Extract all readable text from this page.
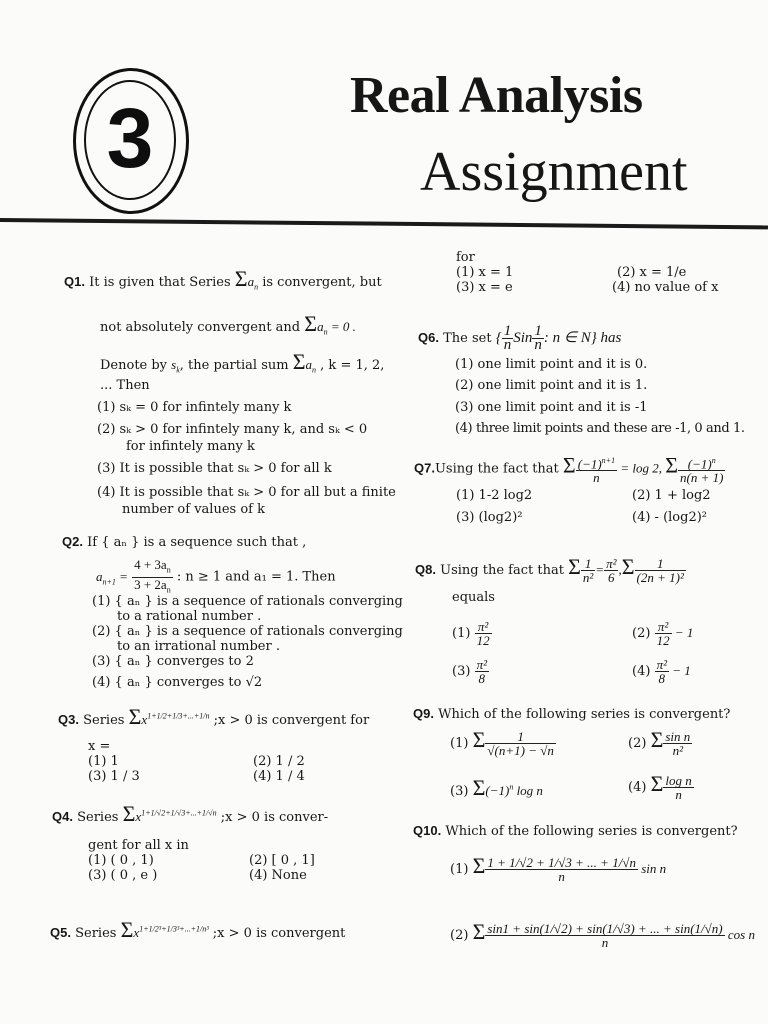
3	Real Analysis
Assignment
Q1. It is given that Series $\Sigma a_n$ is convergent, but
not absolutely convergent and $\Sigma a_n = 0$ .
Denote by $s_k$, the partial sum $\Sigma a_n$ , k = 1, 2,
... Then
(1) sₖ = 0 for infintely many k
(2) sₖ > 0 for infintely many k, and sₖ < 0
for infintely many k
(3) It is possible that sₖ > 0 for all k
(4) It is possible that sₖ > 0 for all but a finite
number of values of k
Q2. If { aₙ } is a sequence such that ,
$a_{n+1} = \frac{4 + 3a_n}{3 + 2a_n}$ : n ≥ 1 and a₁ = 1. Then
(1) { aₙ } is a sequence of rationals converging
to a rational number .
(2) { aₙ } is a sequence of rationals converging
to an irrational number .
(3) { aₙ } converges to 2
(4) { aₙ } converges to √2
Q3. Series $\Sigma x^{1+1/2+1/3+...+1/n}$ ;x > 0 is convergent for
x =
(1) 1	(2) 1 / 2
(3) 1 / 3	(4) 1 / 4
Q4. Series $\Sigma x^{1+1/√2+1/√3+...+1/√n}$ ;x > 0 is conver-
gent for all x in
(1) ( 0 , 1)	(2) [ 0 , 1]
(3) ( 0 , e )	(4) None
Q5. Series $\Sigma x^{1+1/2^3+1/3^3+...+1/n^3}$ ;x > 0 is convergent
for
(1) x = 1	(2) x = 1/e
(3) x = e	(4) no value of x
Q6. The set { $\frac{1}{n}$ Sin $\frac{1}{n}$ : n ∈ N} has
(1) one limit point and it is 0.
(2) one limit point and it is 1.
(3) one limit point and it is -1
(4) three limit points and these are -1, 0 and 1.
Q7.Using the fact that Σ $\frac{(-1)^{n+1}}{n} = \log 2$, Σ $\frac{(-1)^n}{n(n + 1)}$
(1) 1-2 log2	(2) 1 + log2
(3) (log2)²	(4) - (log2)²
Q8. Using the fact that Σ $\frac{1}{\text{n²}} = \frac{\text{π²}}{6} ,\Sigma \frac{1}{\text{(2n + 1)²}}$
equals
$(1) \frac{\text{π²}}{12}$	$(2) \frac{\text{π²}}{12} - 1$
$(3) \frac{\text{π²}}{8}$	$(4) \frac{\text{π²}}{8} - 1$
Q9. Which of the following series is convergent?
(1) Σ $\frac{1}{√(n+1) - √n}$	(2) Σ $\frac{\text{sin n}}{\text{n²}}$
(3) $\Sigma(-1)^n$ log n	(4) Σ $\frac{\text{log n}}{n}$
Q10. Which of the following series is convergent?
(1) Σ $\frac{1 + 1/√2 + 1/√3 + ... + 1/√n}{n}$ sin n
(2) Σ $\frac{\sin 1 + \sin(1/√2) + \sin(1/√3) + ... + \sin(1/√n)}{n}$ cos n
